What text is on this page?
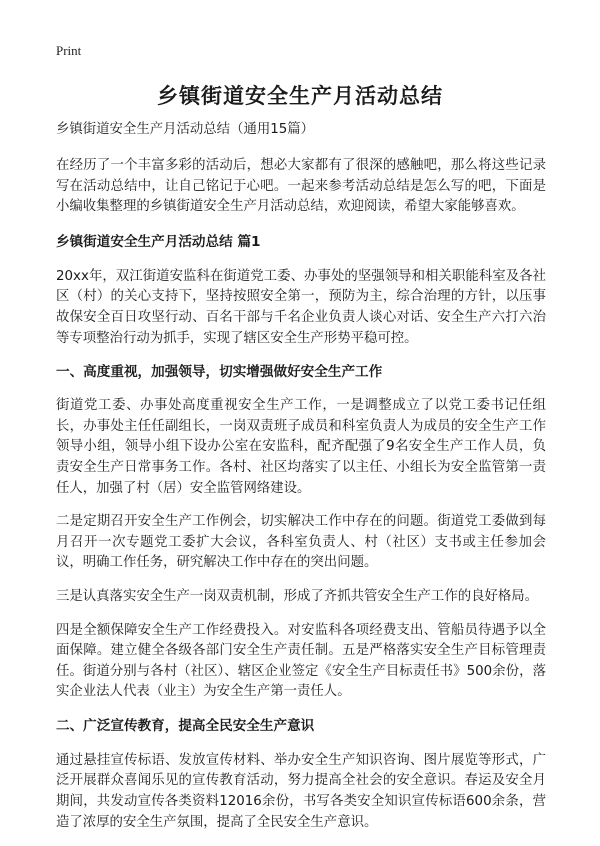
Print
乡镇街道安全生产月活动总结
乡镇街道安全生产月活动总结（通用15篇）
在经历了一个丰富多彩的活动后，想必大家都有了很深的感触吧，那么将这些记录写在活动总结中，让自己铭记于心吧。一起来参考活动总结是怎么写的吧，下面是小编收集整理的乡镇街道安全生产月活动总结，欢迎阅读，希望大家能够喜欢。
乡镇街道安全生产月活动总结 篇1
20xx年，双江街道安监科在街道党工委、办事处的坚强领导和相关职能科室及各社区（村）的关心支持下，坚持按照安全第一，预防为主，综合治理的方针，以压事故保安全百日攻坚行动、百名干部与千名企业负责人谈心对话、安全生产六打六治等专项整治行动为抓手，实现了辖区安全生产形势平稳可控。
一、高度重视，加强领导，切实增强做好安全生产工作
街道党工委、办事处高度重视安全生产工作，一是调整成立了以党工委书记任组长，办事处主任任副组长，一岗双责班子成员和科室负责人为成员的安全生产工作领导小组，领导小组下设办公室在安监科，配齐配强了9名安全生产工作人员，负责安全生产日常事务工作。各村、社区均落实了以主任、小组长为安全监管第一责任人，加强了村（居）安全监管网络建设。
二是定期召开安全生产工作例会，切实解决工作中存在的问题。街道党工委做到每月召开一次专题党工委扩大会议，各科室负责人、村（社区）支书或主任参加会议，明确工作任务，研究解决工作中存在的突出问题。
三是认真落实安全生产一岗双责机制，形成了齐抓共管安全生产工作的良好格局。
四是全额保障安全生产工作经费投入。对安监科各项经费支出、管船员待遇予以全面保障。建立健全各级各部门安全生产责任制。五是严格落实安全生产目标管理责任。街道分别与各村（社区）、辖区企业签定《安全生产目标责任书》500余份，落实企业法人代表（业主）为安全生产第一责任人。
二、广泛宣传教育，提高全民安全生产意识
通过悬挂宣传标语、发放宣传材料、举办安全生产知识咨询、图片展览等形式，广泛开展群众喜闻乐见的宣传教育活动，努力提高全社会的安全意识。春运及安全月期间，共发动宣传各类资料12016余份，书写各类安全知识宣传标语600余条，营造了浓厚的安全生产氛围，提高了全民安全生产意识。
